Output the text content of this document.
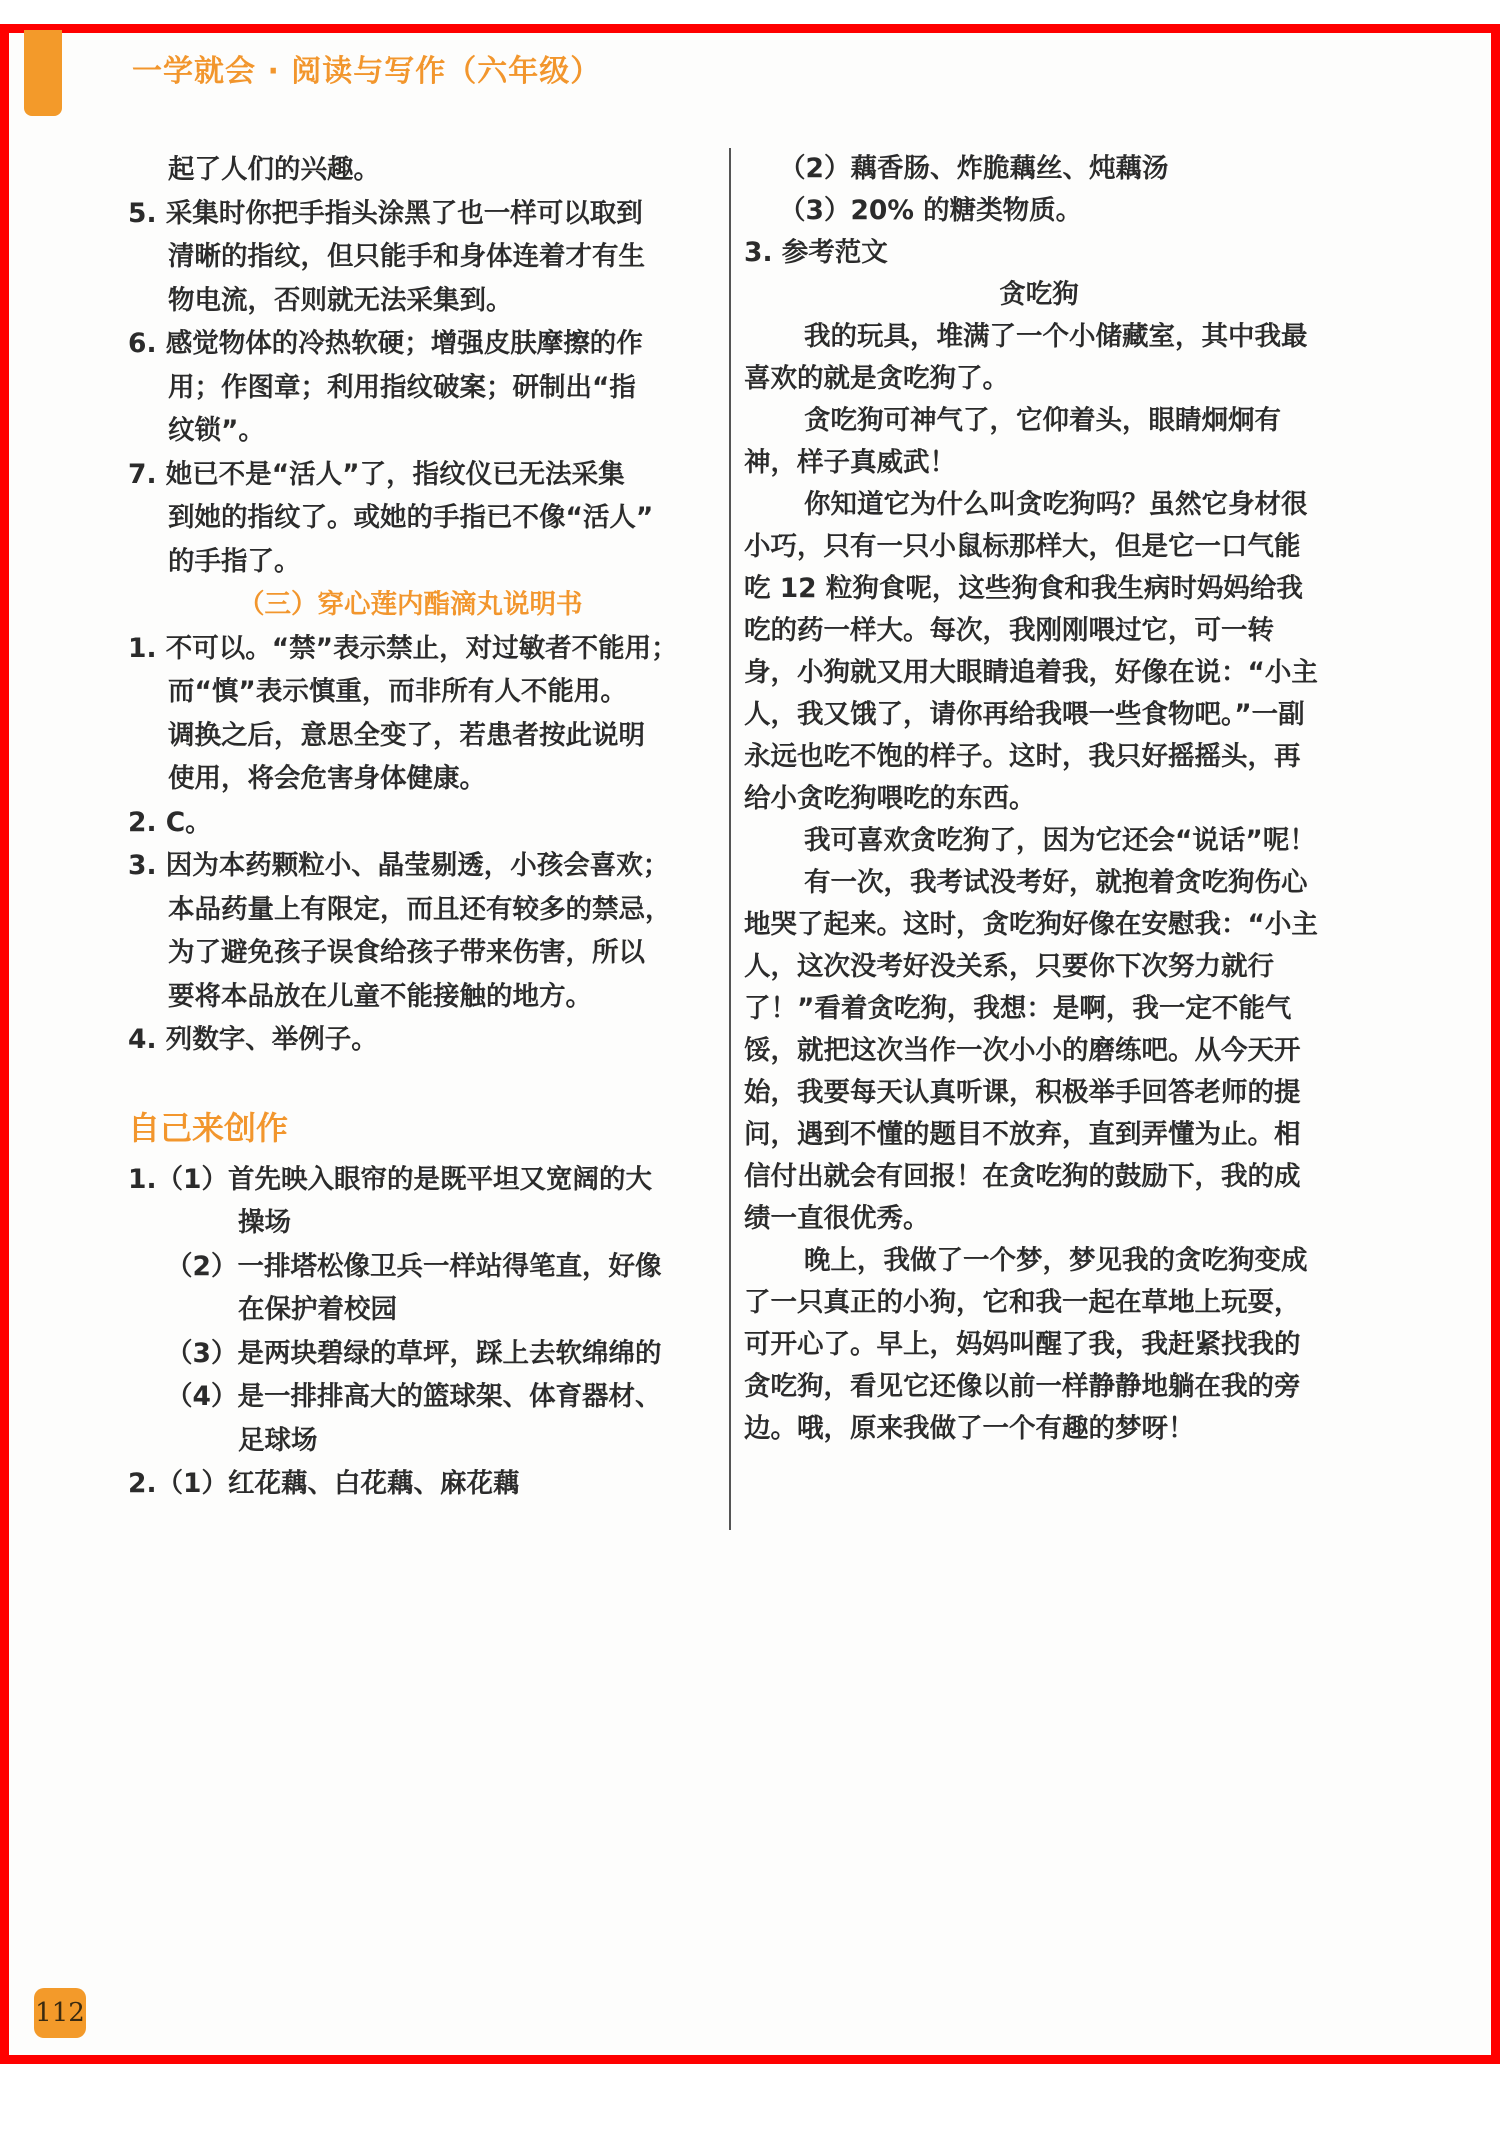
一学就会 · 阅读与写作（六年级）
起了人们的兴趣。
5. 采集时你把手指头涂黑了也一样可以取到
清晰的指纹，但只能手和身体连着才有生
物电流，否则就无法采集到。
6. 感觉物体的冷热软硬；增强皮肤摩擦的作
用；作图章；利用指纹破案；研制出“指
纹锁”。
7. 她已不是“活人”了，指纹仪已无法采集
到她的指纹了。或她的手指已不像“活人”
的手指了。
（三）穿心莲内酯滴丸说明书
1. 不可以。“禁”表示禁止，对过敏者不能用；
而“慎”表示慎重，而非所有人不能用。
调换之后，意思全变了，若患者按此说明
使用，将会危害身体健康。
2. C。
3. 因为本药颗粒小、晶莹剔透，小孩会喜欢；
本品药量上有限定，而且还有较多的禁忌，
为了避免孩子误食给孩子带来伤害，所以
要将本品放在儿童不能接触的地方。
4. 列数字、举例子。
自己来创作
1.（1）首先映入眼帘的是既平坦又宽阔的大
操场
（2）一排塔松像卫兵一样站得笔直，好像
在保护着校园
（3）是两块碧绿的草坪，踩上去软绵绵的
（4）是一排排高大的篮球架、体育器材、
足球场
2.（1）红花藕、白花藕、麻花藕
（2）藕香肠、炸脆藕丝、炖藕汤
（3）20% 的糖类物质。
3. 参考范文
贪吃狗
我的玩具，堆满了一个小储藏室，其中我最喜欢的就是贪吃狗了。
贪吃狗可神气了，它仰着头，眼睛炯炯有神，样子真威武！
你知道它为什么叫贪吃狗吗？虽然它身材很小巧，只有一只小鼠标那样大，但是它一口气能吃 12 粒狗食呢，这些狗食和我生病时妈妈给我吃的药一样大。每次，我刚刚喂过它，可一转身，小狗就又用大眼睛追着我，好像在说：“小主人，我又饿了，请你再给我喂一些食物吧。”一副永远也吃不饱的样子。这时，我只好摇摇头，再给小贪吃狗喂吃的东西。
我可喜欢贪吃狗了，因为它还会“说话”呢！
有一次，我考试没考好，就抱着贪吃狗伤心地哭了起来。这时，贪吃狗好像在安慰我：“小主人，这次没考好没关系，只要你下次努力就行了！”看着贪吃狗，我想：是啊，我一定不能气馁，就把这次当作一次小小的磨练吧。从今天开始，我要每天认真听课，积极举手回答老师的提问，遇到不懂的题目不放弃，直到弄懂为止。相信付出就会有回报！在贪吃狗的鼓励下，我的成绩一直很优秀。
晚上，我做了一个梦，梦见我的贪吃狗变成了一只真正的小狗，它和我一起在草地上玩耍，可开心了。早上，妈妈叫醒了我，我赶紧找我的贪吃狗，看见它还像以前一样静静地躺在我的旁边。哦，原来我做了一个有趣的梦呀！
112
